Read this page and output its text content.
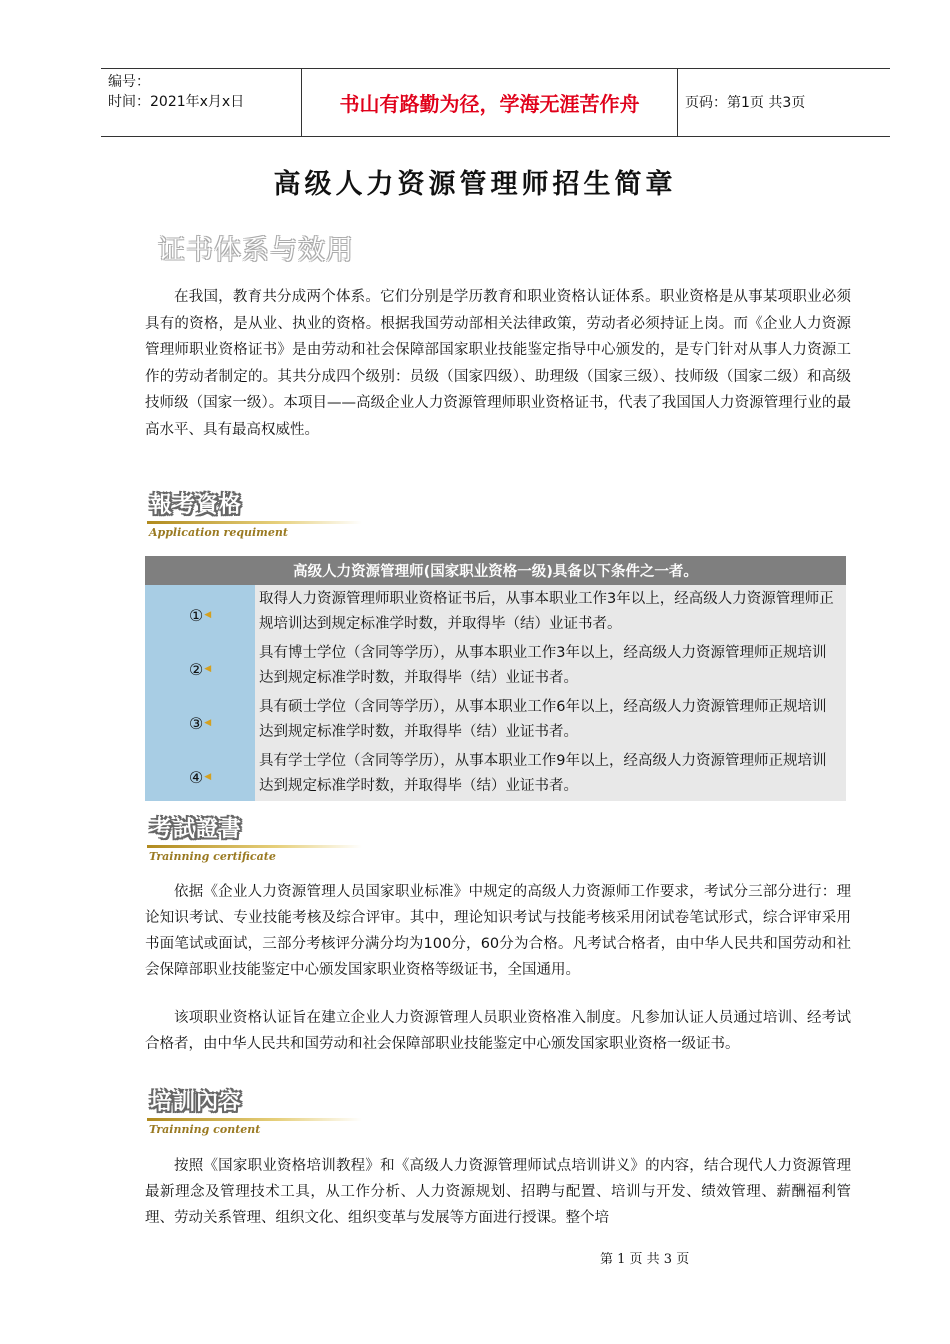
编号：
时间：2021年x月x日	书山有路勤为径，学海无涯苦作舟	页码：第1页 共3页
高级人力资源管理师招生简章
证书体系与效用

在我国，教育共分成两个体系。它们分别是学历教育和职业资格认证体系。职业资格是从事某项职业必须具有的资格，是从业、执业的资格。根据我国劳动部相关法律政策，劳动者必须持证上岗。而《企业人力资源管理师职业资格证书》是由劳动和社会保障部国家职业技能鉴定指导中心颁发的，是专门针对从事人力资源工作的劳动者制定的。其共分成四个级别：员级（国家四级）、助理级（国家三级）、技师级（国家二级）和高级技师级（国家一级）。本项目——高级企业人力资源管理师职业资格证书，代表了我国国人力资源管理行业的最高水平、具有最高权威性。

報考資格
Application requiment
高级人力资源管理师(国家职业资格一级)具备以下条件之一者。
① ◀
② ◀
③ ◀
④ ◀
取得人力资源管理师职业资格证书后，从事本职业工作3年以上，经高级人力资源管理师正规培训达到规定标准学时数，并取得毕（结）业证书者。
具有博士学位（含同等学历），从事本职业工作3年以上，经高级人力资源管理师正规培训达到规定标准学时数，并取得毕（结）业证书者。
具有硕士学位（含同等学历），从事本职业工作6年以上，经高级人力资源管理师正规培训达到规定标准学时数，并取得毕（结）业证书者。
具有学士学位（含同等学历），从事本职业工作9年以上，经高级人力资源管理师正规培训达到规定标准学时数，并取得毕（结）业证书者。
考試證書
Trainning certificate

依据《企业人力资源管理人员国家职业标准》中规定的高级人力资源师工作要求，考试分三部分进行：理论知识考试、专业技能考核及综合评审。其中，理论知识考试与技能考核采用闭试卷笔试形式，综合评审采用书面笔试或面试，三部分考核评分满分均为100分，60分为合格。凡考试合格者，由中华人民共和国劳动和社会保障部职业技能鉴定中心颁发国家职业资格等级证书，全国通用。

该项职业资格认证旨在建立企业人力资源管理人员职业资格准入制度。凡参加认证人员通过培训、经考试合格者，由中华人民共和国劳动和社会保障部职业技能鉴定中心颁发国家职业资格一级证书。

培訓內容
Trainning content

按照《国家职业资格培训教程》和《高级人力资源管理师试点培训讲义》的内容，结合现代人力资源管理最新理念及管理技术工具，从工作分析、人力资源规划、招聘与配置、培训与开发、绩效管理、薪酬福利管理、劳动关系管理、组织文化、组织变革与发展等方面进行授课。整个培

第 1 页 共 3 页
